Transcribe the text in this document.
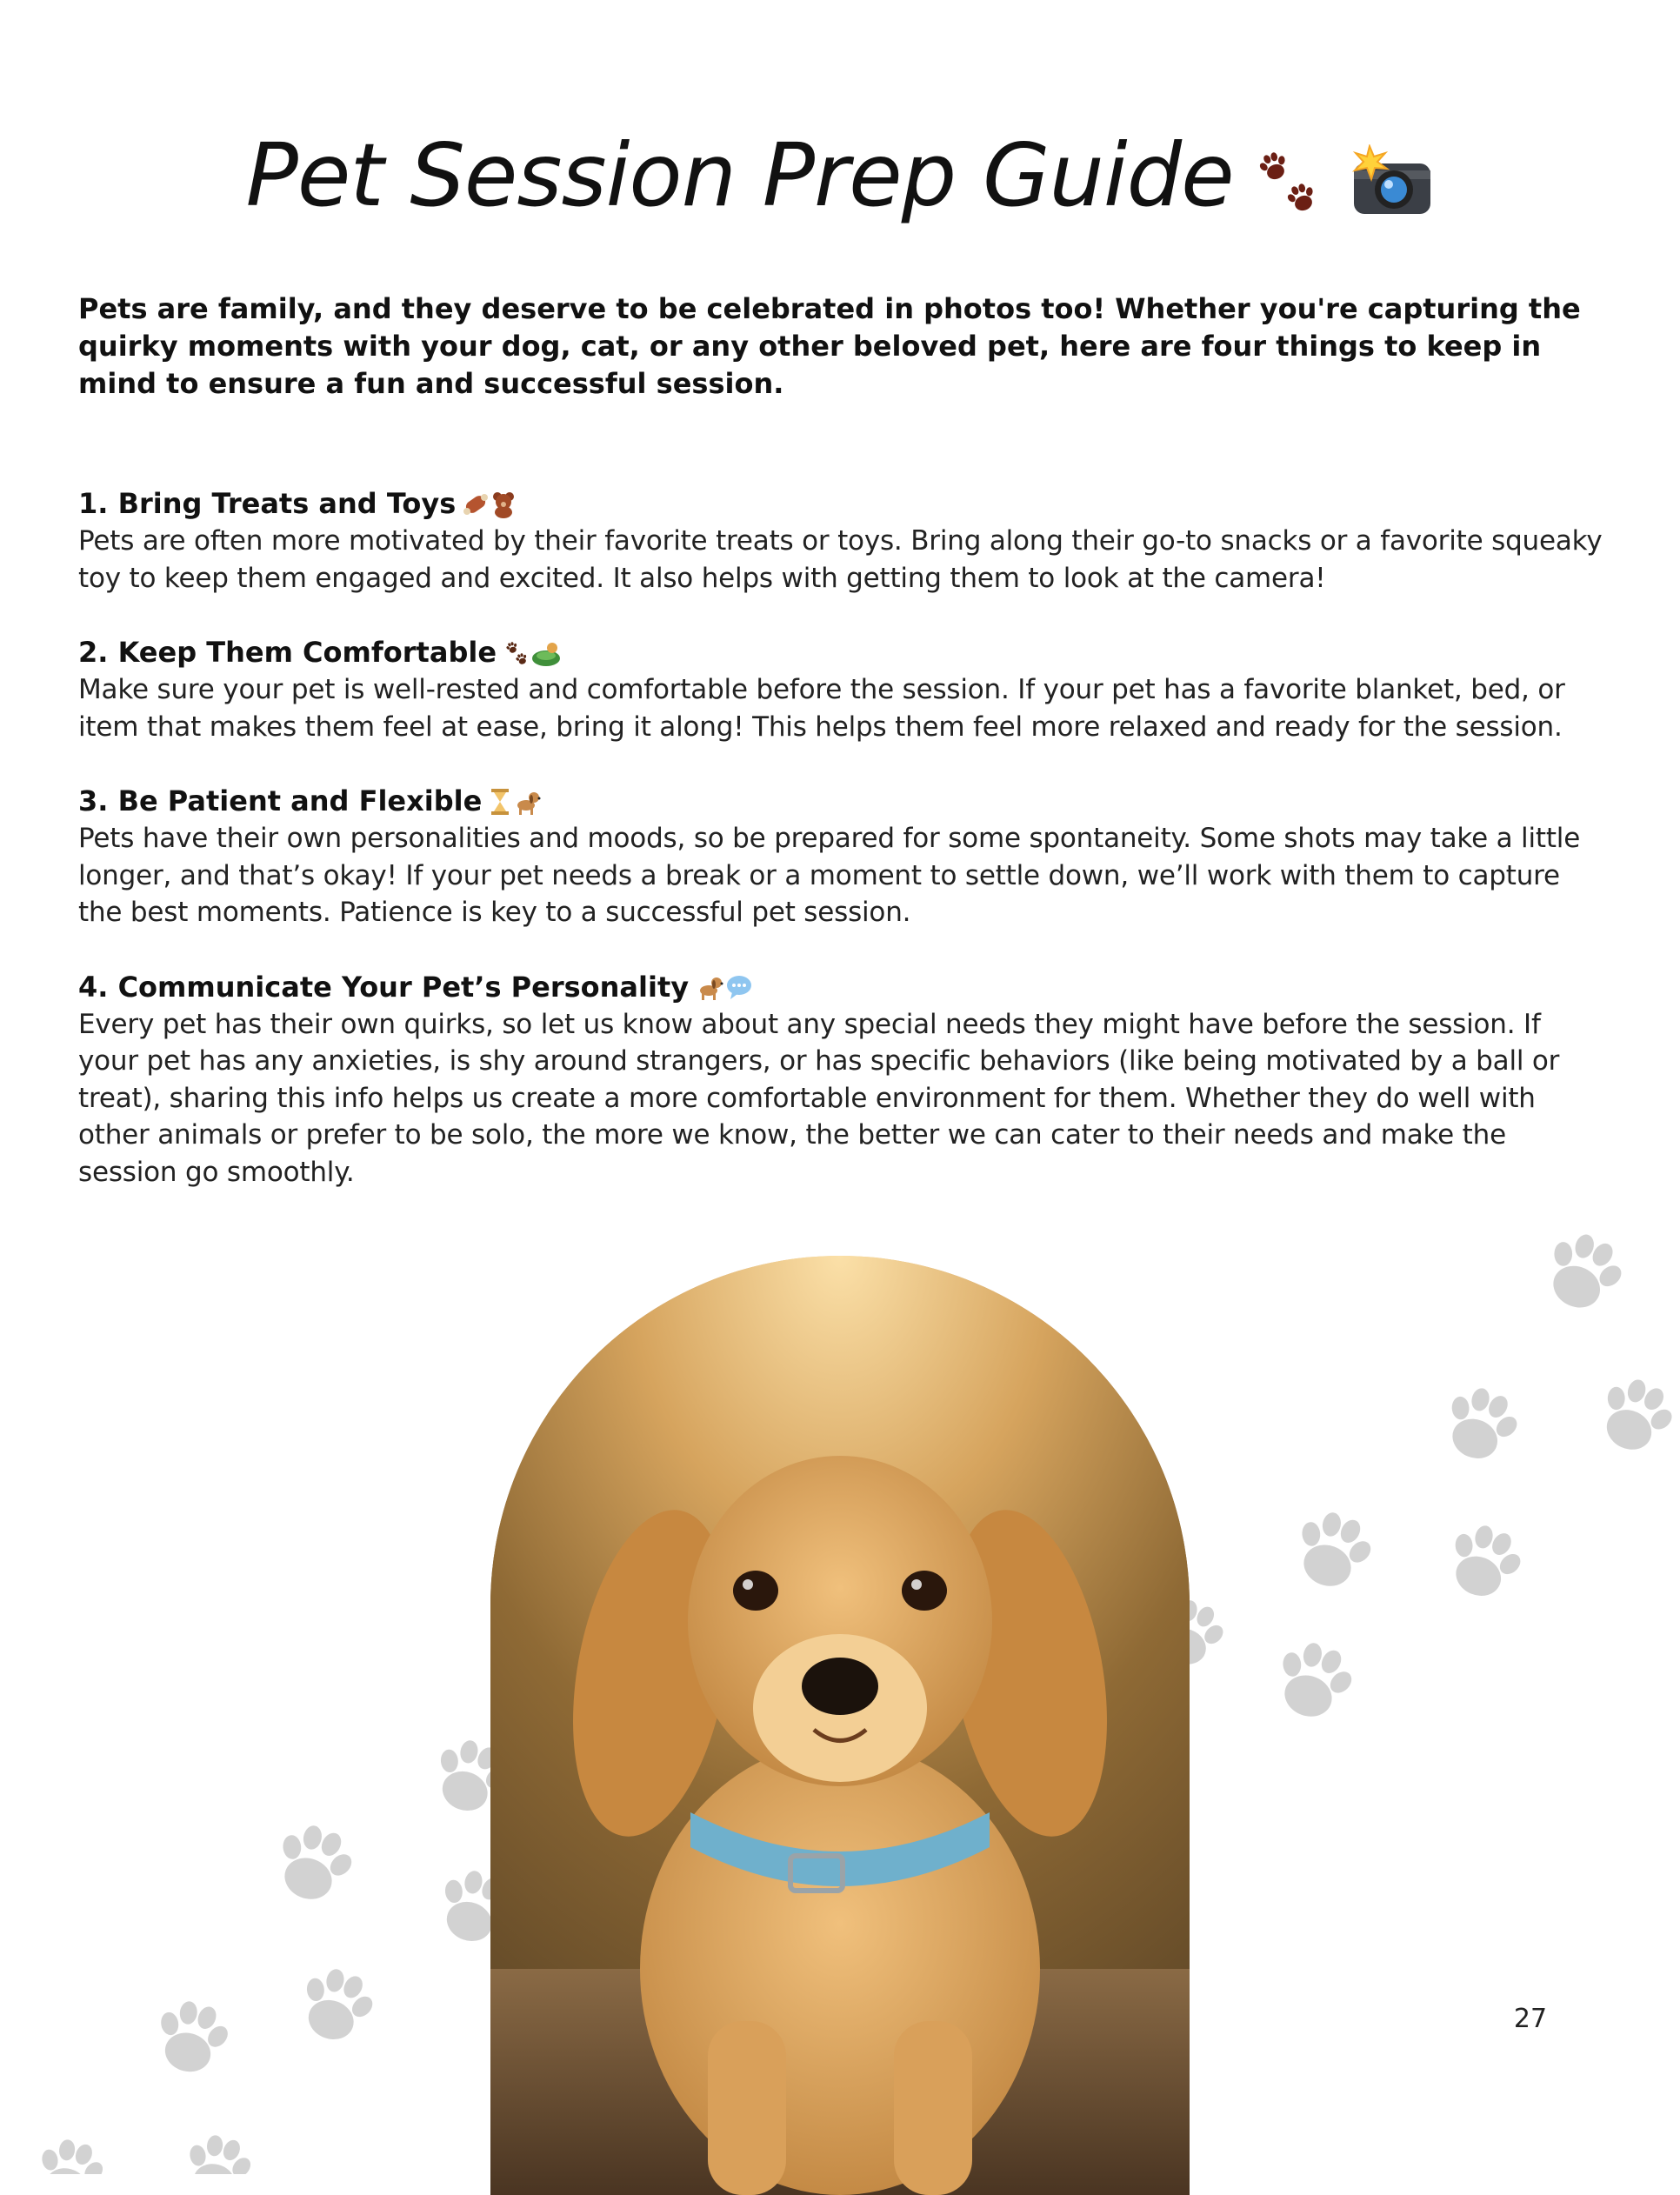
Pet Session Prep Guide

Pets are family, and they deserve to be celebrated in photos too! Whether you're capturing the quirky moments with your dog, cat, or any other beloved pet, here are four things to keep in mind to ensure a fun and successful session.

1. Bring Treats and Toys
Pets are often more motivated by their favorite treats or toys. Bring along their go-to snacks or a favorite squeaky toy to keep them engaged and excited. It also helps with getting them to look at the camera!
2. Keep Them Comfortable
Make sure your pet is well-rested and comfortable before the session. If your pet has a favorite blanket, bed, or item that makes them feel at ease, bring it along! This helps them feel more relaxed and ready for the session.
3. Be Patient and Flexible
Pets have their own personalities and moods, so be prepared for some spontaneity. Some shots may take a little longer, and that’s okay! If your pet needs a break or a moment to settle down, we’ll work with them to capture the best moments. Patience is key to a successful pet session.
4. Communicate Your Pet’s Personality
Every pet has their own quirks, so let us know about any special needs they might have before the session. If your pet has any anxieties, is shy around strangers, or has specific behaviors (like being motivated by a ball or treat), sharing this info helps us create a more comfortable environment for them. Whether they do well with other animals or prefer to be solo, the more we know, the better we can cater to their needs and make the session go smoothly.
27
